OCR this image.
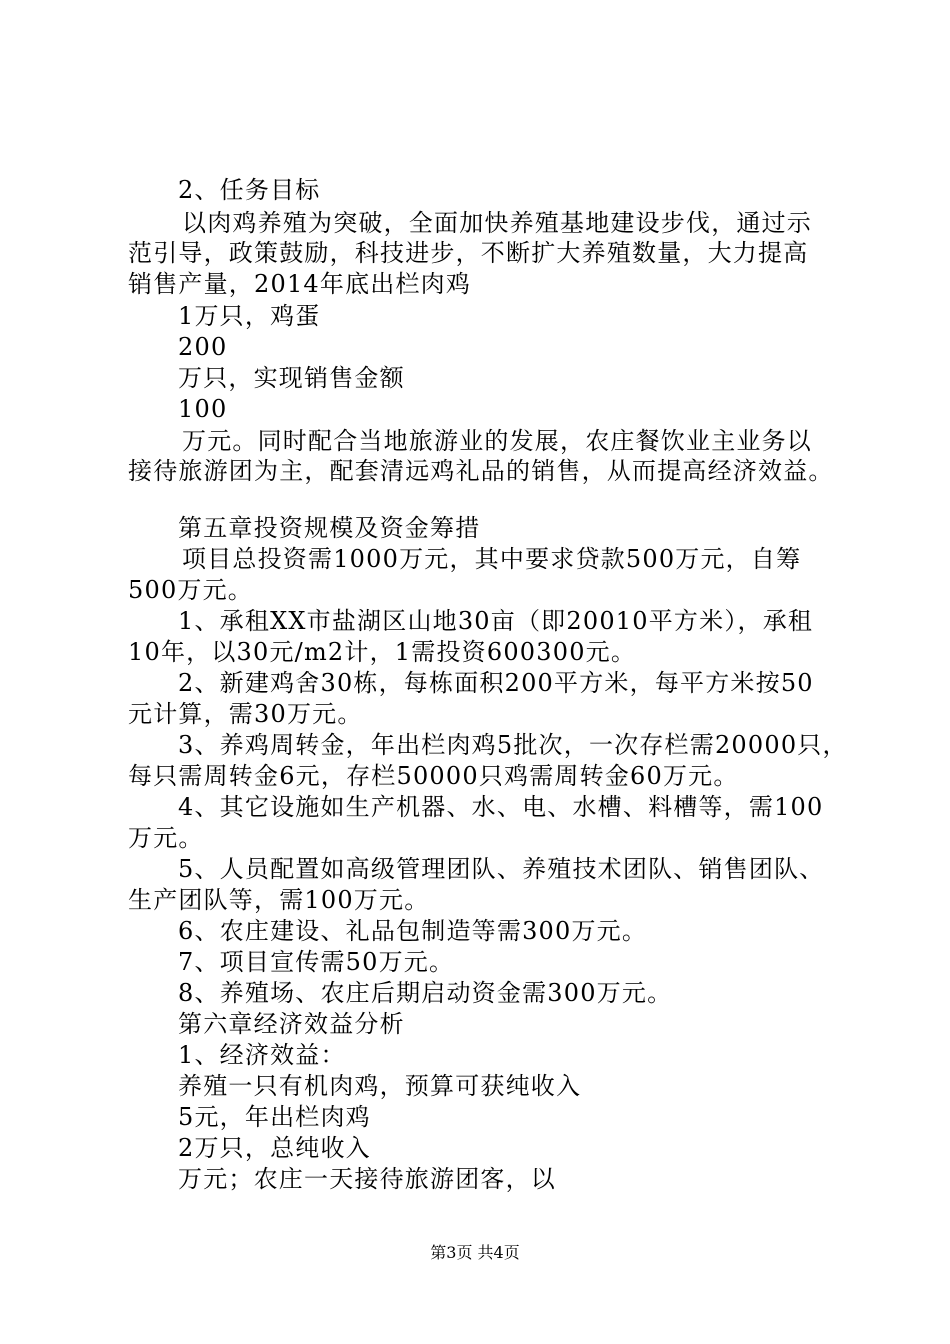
2、任务目标
以肉鸡养殖为突破，全面加快养殖基地建设步伐，通过示
范引导，政策鼓励，科技进步，不断扩大养殖数量，大力提高
销售产量，2014年底出栏肉鸡
1万只，鸡蛋
200
万只，实现销售金额
100
万元。同时配合当地旅游业的发展，农庄餐饮业主业务以
接待旅游团为主，配套清远鸡礼品的销售，从而提高经济效益。
第五章投资规模及资金筹措
项目总投资需1000万元，其中要求贷款500万元，自筹
500万元。
1、承租XX市盐湖区山地30亩（即20010平方米），承租
10年，以30元/m2计，1需投资600300元。
2、新建鸡舍30栋，每栋面积200平方米，每平方米按50
元计算，需30万元。
3、养鸡周转金，年出栏肉鸡5批次，一次存栏需20000只，
每只需周转金6元，存栏50000只鸡需周转金60万元。
4、其它设施如生产机器、水、电、水槽、料槽等，需100
万元。
5、人员配置如高级管理团队、养殖技术团队、销售团队、
生产团队等，需100万元。
6、农庄建设、礼品包制造等需300万元。
7、项目宣传需50万元。
8、养殖场、农庄后期启动资金需300万元。
第六章经济效益分析
1、经济效益：
养殖一只有机肉鸡，预算可获纯收入
5元，年出栏肉鸡
2万只，总纯收入
万元；农庄一天接待旅游团客，以
第3页 共4页
